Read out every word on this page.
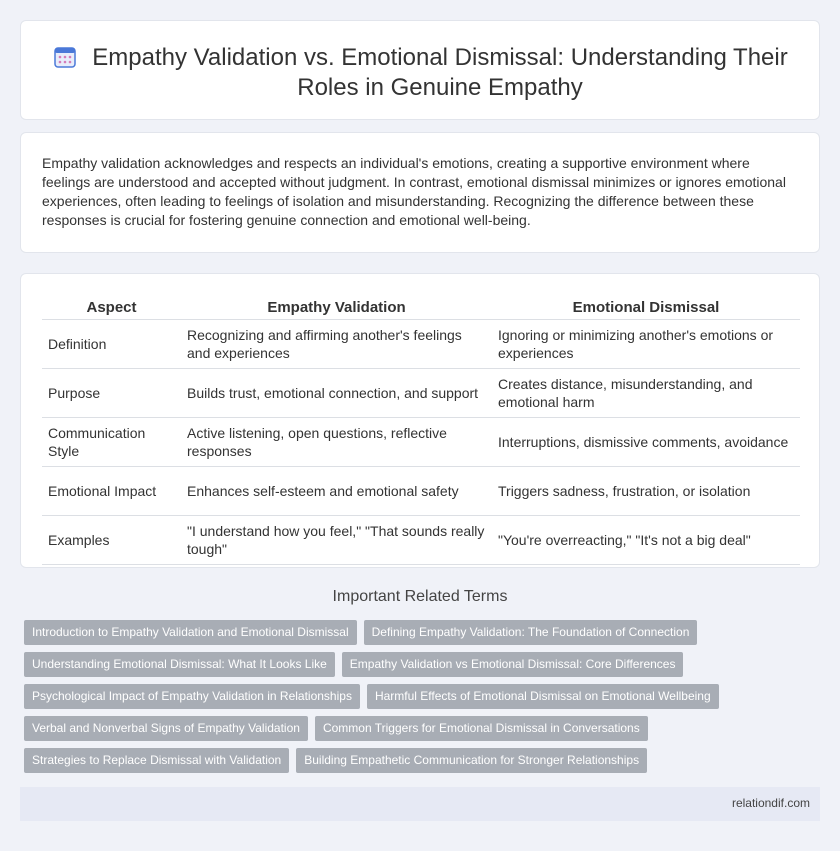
Empathy Validation vs. Emotional Dismissal: Understanding Their Roles in Genuine Empathy

Empathy validation acknowledges and respects an individual's emotions, creating a supportive environment where feelings are understood and accepted without judgment. In contrast, emotional dismissal minimizes or ignores emotional experiences, often leading to feelings of isolation and misunderstanding. Recognizing the difference between these responses is crucial for fostering genuine connection and emotional well-being.

Aspect	Empathy Validation	Emotional Dismissal
Definition	Recognizing and affirming another's feelings and experiences	Ignoring or minimizing another's emotions or experiences
Purpose	Builds trust, emotional connection, and support	Creates distance, misunderstanding, and emotional harm
Communication Style	Active listening, open questions, reflective responses	Interruptions, dismissive comments, avoidance
Emotional Impact	Enhances self-esteem and emotional safety	Triggers sadness, frustration, or isolation
Examples	"I understand how you feel," "That sounds really tough"	"You're overreacting," "It's not a big deal"
Important Related Terms
Introduction to Empathy Validation and Emotional Dismissal	Defining Empathy Validation: The Foundation of Connection
Understanding Emotional Dismissal: What It Looks Like	Empathy Validation vs Emotional Dismissal: Core Differences
Psychological Impact of Empathy Validation in Relationships	Harmful Effects of Emotional Dismissal on Emotional Wellbeing
Verbal and Nonverbal Signs of Empathy Validation	Common Triggers for Emotional Dismissal in Conversations
Strategies to Replace Dismissal with Validation	Building Empathetic Communication for Stronger Relationships
relationdif.com
